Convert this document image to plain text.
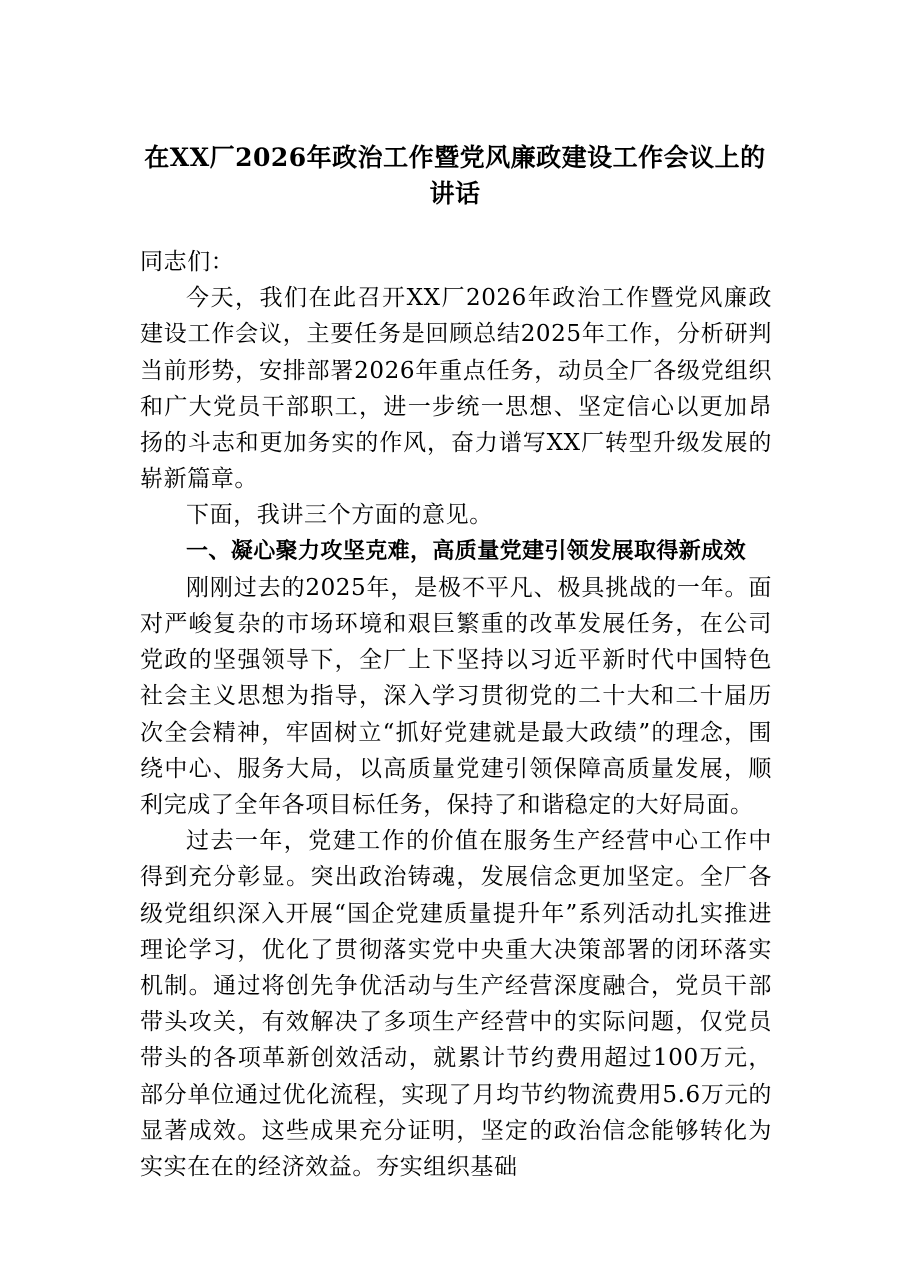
在XX厂2026年政治工作暨党风廉政建设工作会议上的讲话

同志们：

今天，我们在此召开XX厂2026年政治工作暨党风廉政建设工作会议，主要任务是回顾总结2025年工作，分析研判当前形势，安排部署2026年重点任务，动员全厂各级党组织和广大党员干部职工，进一步统一思想、坚定信心以更加昂扬的斗志和更加务实的作风，奋力谱写XX厂转型升级发展的崭新篇章。

下面，我讲三个方面的意见。

一、凝心聚力攻坚克难，高质量党建引领发展取得新成效

刚刚过去的2025年，是极不平凡、极具挑战的一年。面对严峻复杂的市场环境和艰巨繁重的改革发展任务，在公司党政的坚强领导下，全厂上下坚持以习近平新时代中国特色社会主义思想为指导，深入学习贯彻党的二十大和二十届历次全会精神，牢固树立“抓好党建就是最大政绩”的理念，围绕中心、服务大局，以高质量党建引领保障高质量发展，顺利完成了全年各项目标任务，保持了和谐稳定的大好局面。

过去一年，党建工作的价值在服务生产经营中心工作中得到充分彰显。突出政治铸魂，发展信念更加坚定。全厂各级党组织深入开展“国企党建质量提升年”系列活动扎实推进理论学习，优化了贯彻落实党中央重大决策部署的闭环落实机制。通过将创先争优活动与生产经营深度融合，党员干部带头攻关，有效解决了多项生产经营中的实际问题，仅党员带头的各项革新创效活动，就累计节约费用超过100万元，部分单位通过优化流程，实现了月均节约物流费用5.6万元的显著成效。这些成果充分证明，坚定的政治信念能够转化为实实在在的经济效益。夯实组织基础
